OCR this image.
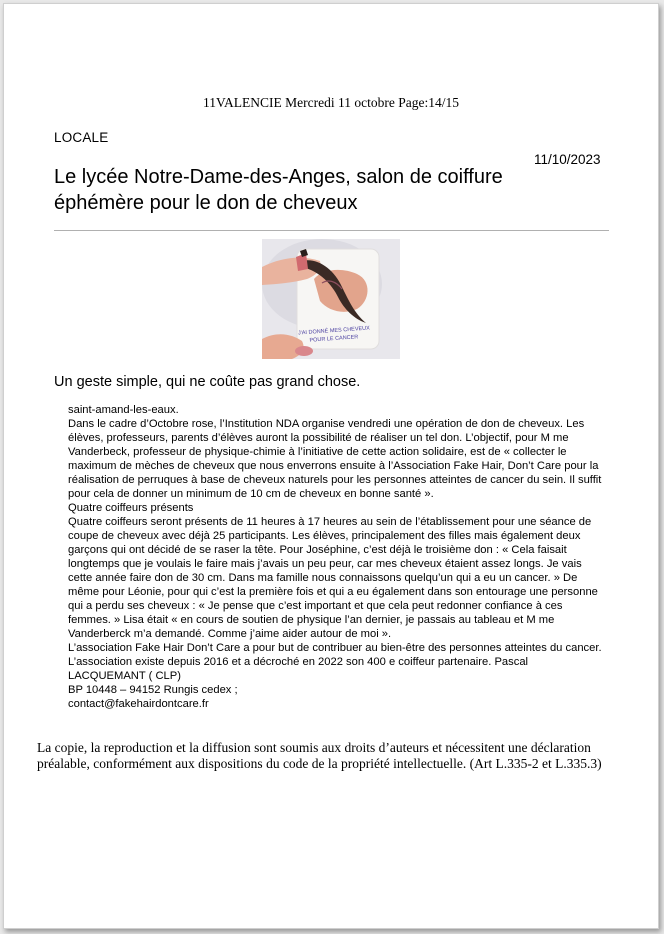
11VALENCIE Mercredi 11 octobre Page:14/15
LOCALE
11/10/2023
Le lycée Notre-Dame-des-Anges, salon de coiffure éphémère pour le don de cheveux
J'AI DONNÉ MES CHEVEUX
POUR LE CANCER
Un geste simple, qui ne coûte pas grand chose.

saint-amand-les-eaux.

Dans le cadre d’Octobre rose, l’Institution NDA organise vendredi une opération de don de cheveux. Les élèves, professeurs, parents d’élèves auront la possibilité de réaliser un tel don. L’objectif, pour M me Vanderbeck, professeur de physique-chimie à l’initiative de cette action solidaire, est de « collecter le maximum de mèches de cheveux que nous enverrons ensuite à l’Association Fake Hair, Don’t Care pour la réalisation de perruques à base de cheveux naturels pour les personnes atteintes de cancer du sein. Il suffit pour cela de donner un minimum de 10 cm de cheveux en bonne santé ».

Quatre coiffeurs présents

Quatre coiffeurs seront présents de 11 heures à 17 heures au sein de l’établissement pour une séance de coupe de cheveux avec déjà 25 participants. Les élèves, principalement des filles mais également deux garçons qui ont décidé de se raser la tête. Pour Joséphine, c’est déjà le troisième don : « Cela faisait longtemps que je voulais le faire mais j’avais un peu peur, car mes cheveux étaient assez longs. Je vais cette année faire don de 30 cm. Dans ma famille nous connaissons quelqu’un qui a eu un cancer. » De même pour Léonie, pour qui c’est la première fois et qui a eu également dans son entourage une personne qui a perdu ses cheveux : « Je pense que c’est important et que cela peut redonner confiance à ces femmes. » Lisa était « en cours de soutien de physique l’an dernier, je passais au tableau et M me Vanderberck m’a demandé. Comme j’aime aider autour de moi ».

L’association Fake Hair Don’t Care a pour but de contribuer au bien-être des personnes atteintes du cancer. L’association existe depuis 2016 et a décroché en 2022 son 400 e coiffeur partenaire. Pascal LACQUEMANT ( CLP)

BP 10448 – 94152 Rungis cedex ;

contact@fakehairdontcare.fr

La copie, la reproduction et la diffusion sont soumis aux droits d’auteurs et nécessitent une déclaration préalable, conformément aux dispositions du code de la propriété intellectuelle. (Art L.335-2 et L.335.3)
